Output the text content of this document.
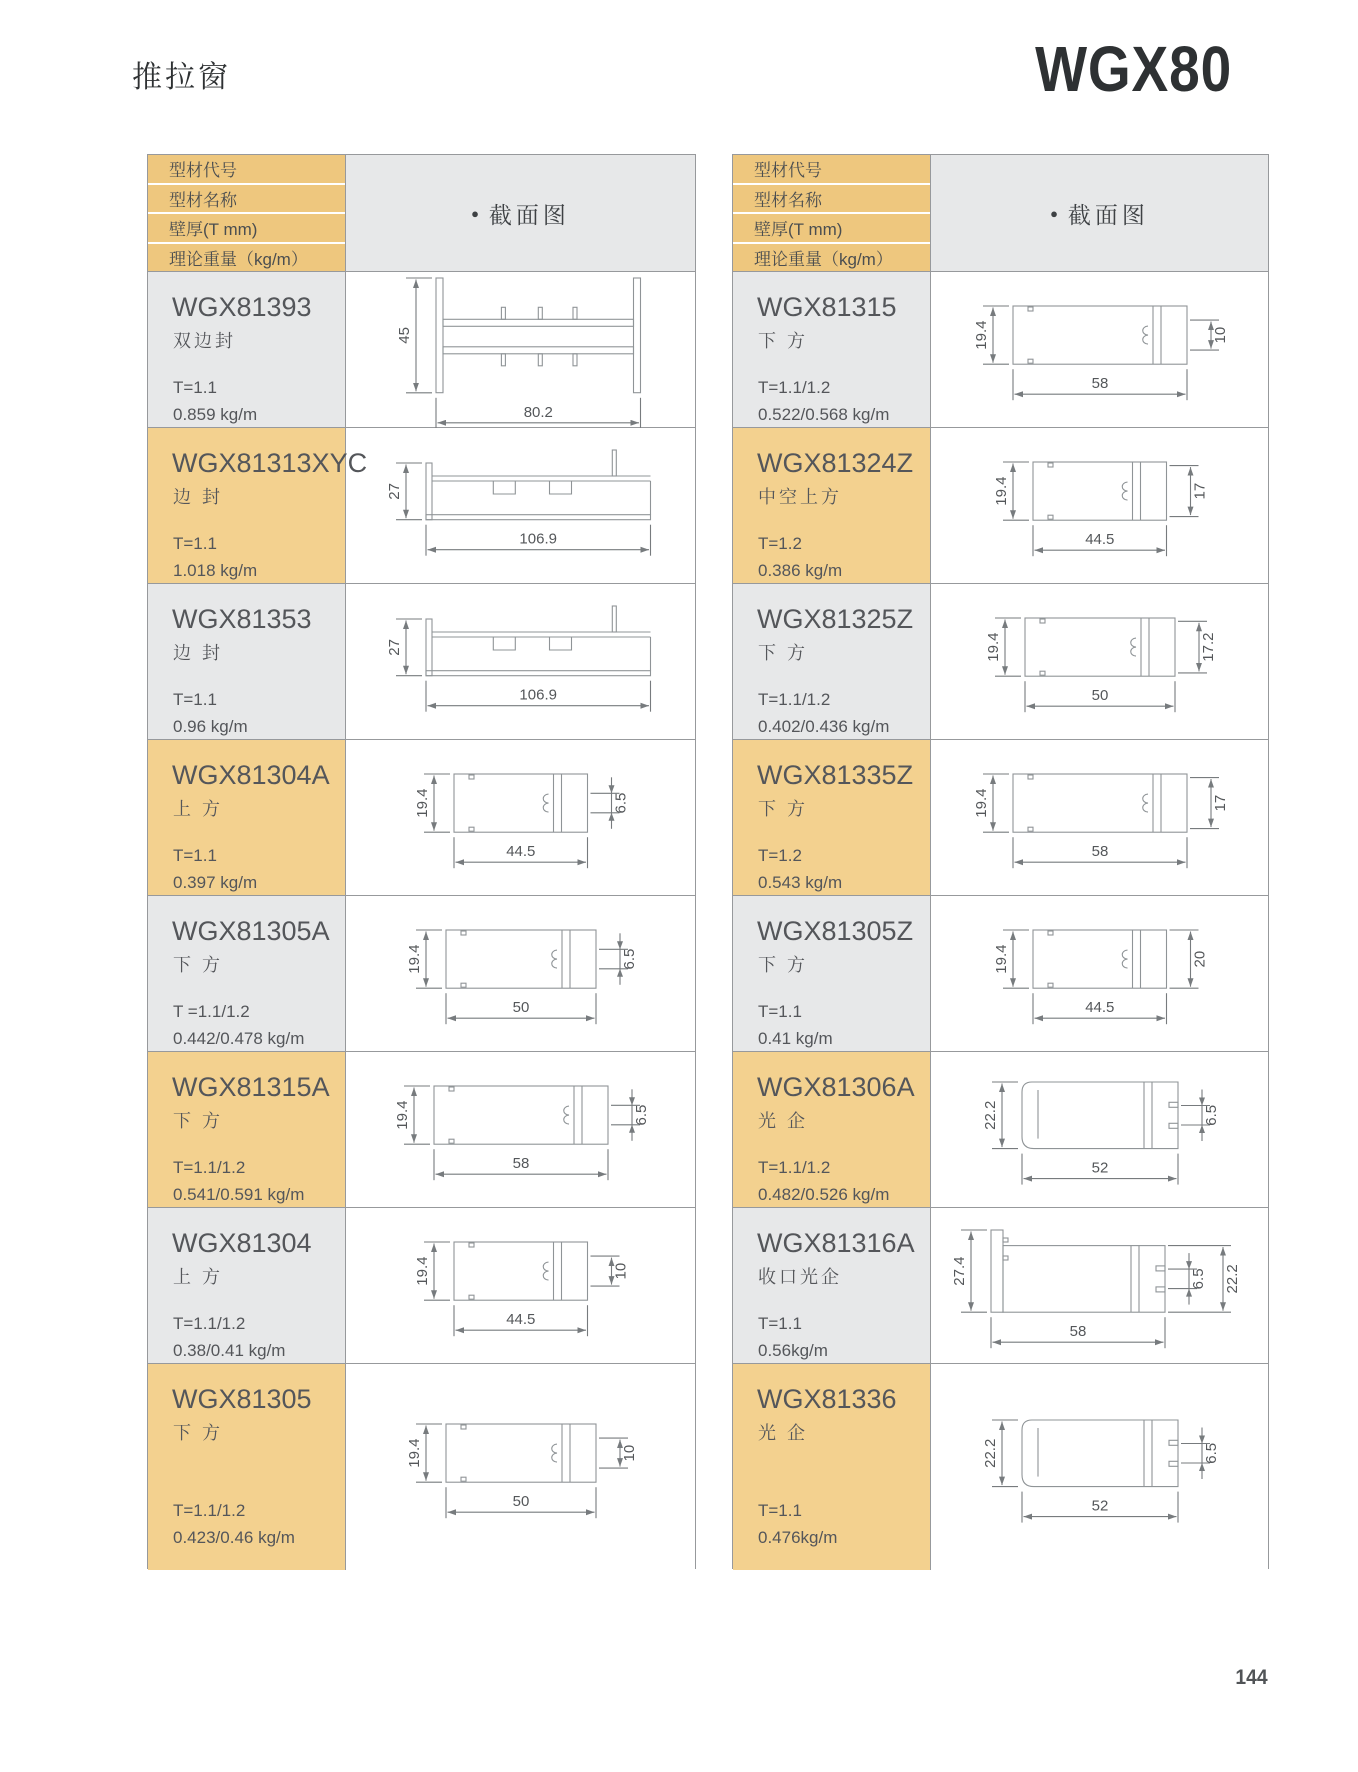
推拉窗	WGX80
型材代号
型材名称
壁厚(T mm)
理论重量（kg/m）
● 截面图
WGX81393
双边封
T=1.1
0.859 kg/m
45
80.2
WGX81313XYC
边 封
T=1.1
1.018 kg/m
27
106.9
WGX81353
边 封
T=1.1
0.96 kg/m
27
106.9
WGX81304A
上 方
T=1.1
0.397 kg/m
19.4
44.5
6.5
WGX81305A
下 方
T =1.1/1.2
0.442/0.478 kg/m
19.4
50
6.5
WGX81315A
下 方
T=1.1/1.2
0.541/0.591 kg/m
19.4
58
6.5
WGX81304
上 方
T=1.1/1.2
0.38/0.41 kg/m
19.4
44.5
10
WGX81305
下 方
T=1.1/1.2
0.423/0.46 kg/m
19.4
50
10
型材代号
型材名称
壁厚(T mm)
理论重量（kg/m）
● 截面图
WGX81315
下 方
T=1.1/1.2
0.522/0.568 kg/m
19.4
58
10
WGX81324Z
中空上方
T=1.2
0.386 kg/m
19.4
44.5
17
WGX81325Z
下 方
T=1.1/1.2
0.402/0.436 kg/m
19.4
50
17.2
WGX81335Z
下 方
T=1.2
0.543 kg/m
19.4
58
17
WGX81305Z
下 方
T=1.1
0.41 kg/m
19.4
44.5
20
WGX81306A
光 企
T=1.1/1.2
0.482/0.526 kg/m
22.2
52
6.5
WGX81316A
收口光企
T=1.1
0.56kg/m
27.4
58
6.5 22.2
WGX81336
光 企
T=1.1
0.476kg/m
22.2
52
6.5
144
